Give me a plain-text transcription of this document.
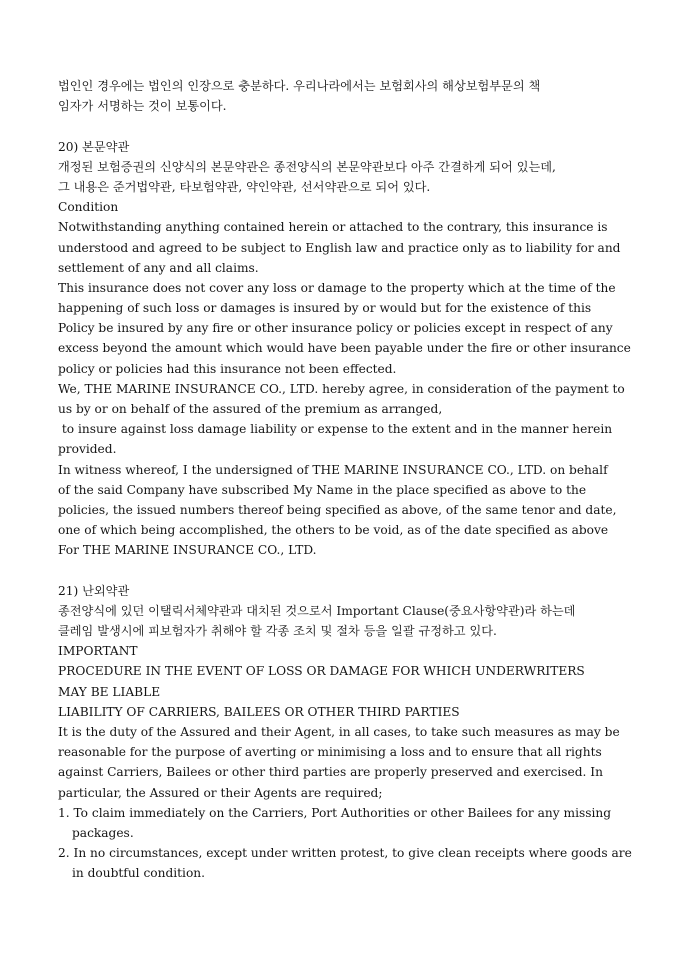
법인인 경우에는 법인의 인장으로 충분하다. 우리나라에서는 보험회사의 해상보험부문의 책
임자가 서명하는 것이 보통이다.
20) 본문약관
개정된 보험증권의 신양식의 본문약관은 종전양식의 본문약관보다 아주 간결하게 되어 있는데,
그 내용은 준거법약관, 타보험약관, 약인약관, 선서약관으로 되어 있다.
Condition
Notwithstanding anything contained herein or attached to the contrary, this insurance is
understood and agreed to be subject to English law and practice only as to liability for and
settlement of any and all claims.
This insurance does not cover any loss or damage to the property which at the time of the
happening of such loss or damages is insured by or would but for the existence of this
Policy be insured by any fire or other insurance policy or policies except in respect of any
excess beyond the amount which would have been payable under the fire or other insurance
policy or policies had this insurance not been effected.
We, THE MARINE INSURANCE CO., LTD. hereby agree, in consideration of the payment to
us by or on behalf of the assured of the premium as arranged,
to insure against loss damage liability or expense to the extent and in the manner herein
provided.
In witness whereof, I the undersigned of THE MARINE INSURANCE CO., LTD. on behalf
of the said Company have subscribed My Name in the place specified as above to the
policies, the issued numbers thereof being specified as above, of the same tenor and date,
one of which being accomplished, the others to be void, as of the date specified as above
For THE MARINE INSURANCE CO., LTD.
21) 난외약관
종전양식에 있던 이탤릭서체약관과 대치된 것으로서 Important Clause(중요사항약관)라 하는데
클레임 발생시에 피보험자가 취해야 할 각종 조치 및 절차 등을 일괄 규정하고 있다.
IMPORTANT
PROCEDURE IN THE EVENT OF LOSS OR DAMAGE FOR WHICH UNDERWRITERS
MAY BE LIABLE
LIABILITY OF CARRIERS, BAILEES OR OTHER THIRD PARTIES
It is the duty of the Assured and their Agent, in all cases, to take such measures as may be
reasonable for the purpose of averting or minimising a loss and to ensure that all rights
against Carriers, Bailees or other third parties are properly preserved and exercised. In
particular, the Assured or their Agents are required;
1. To claim immediately on the Carriers, Port Authorities or other Bailees for any missing
packages.
2. In no circumstances, except under written protest, to give clean receipts where goods are
in doubtful condition.
